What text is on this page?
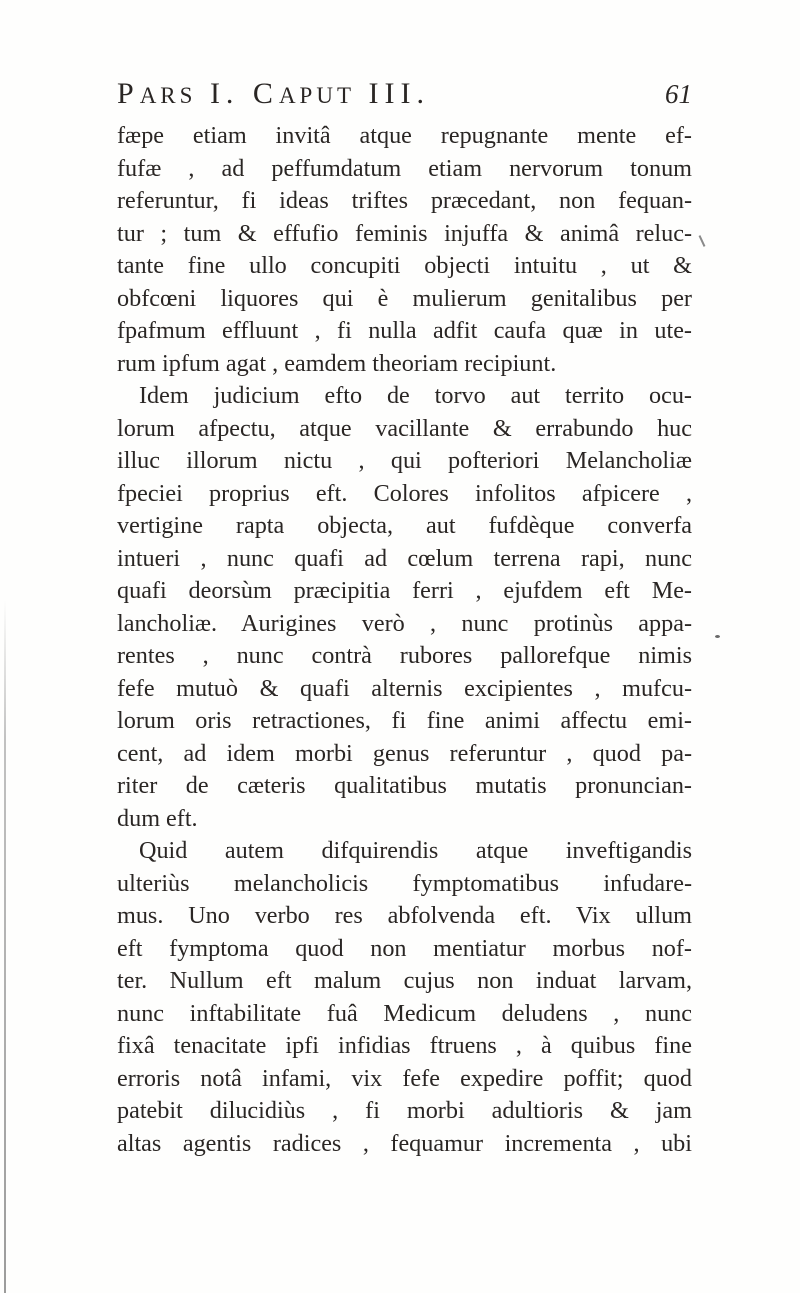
PARS I. CAPUT III.	61
fæpe etiam invitâ atque repugnante mente ef-
fufæ , ad peffumdatum etiam nervorum tonum
referuntur, fi ideas triftes præcedant, non fequan-
tur ; tum & effufio feminis injuffa & animâ reluc-
tante fine ullo concupiti objecti intuitu , ut &
obfcœni liquores qui è mulierum genitalibus per
fpafmum effluunt , fi nulla adfit caufa quæ in ute-
rum ipfum agat , eamdem theoriam recipiunt.
Idem judicium efto de torvo aut territo ocu-
lorum afpectu, atque vacillante & errabundo huc
illuc illorum nictu , qui pofteriori Melancholiæ
fpeciei proprius eft. Colores infolitos afpicere ,
vertigine rapta objecta, aut fufdèque converfa
intueri , nunc quafi ad cœlum terrena rapi, nunc
quafi deorsùm præcipitia ferri , ejufdem eft Me-
lancholiæ. Aurigines verò , nunc protinùs appa-
rentes , nunc contrà rubores pallorefque nimis
fefe mutuò & quafi alternis excipientes , mufcu-
lorum oris retractiones, fi fine animi affectu emi-
cent, ad idem morbi genus referuntur , quod pa-
riter de cæteris qualitatibus mutatis pronuncian-
dum eft.
Quid autem difquirendis atque inveftigandis
ulteriùs melancholicis fymptomatibus infudare-
mus. Uno verbo res abfolvenda eft. Vix ullum
eft fymptoma quod non mentiatur morbus nof-
ter. Nullum eft malum cujus non induat larvam,
nunc inftabilitate fuâ Medicum deludens , nunc
fixâ tenacitate ipfi infidias ftruens , à quibus fine
erroris notâ infami, vix fefe expedire poffit; quod
patebit dilucidiùs , fi morbi adultioris & jam
altas agentis radices , fequamur incrementa , ubi
